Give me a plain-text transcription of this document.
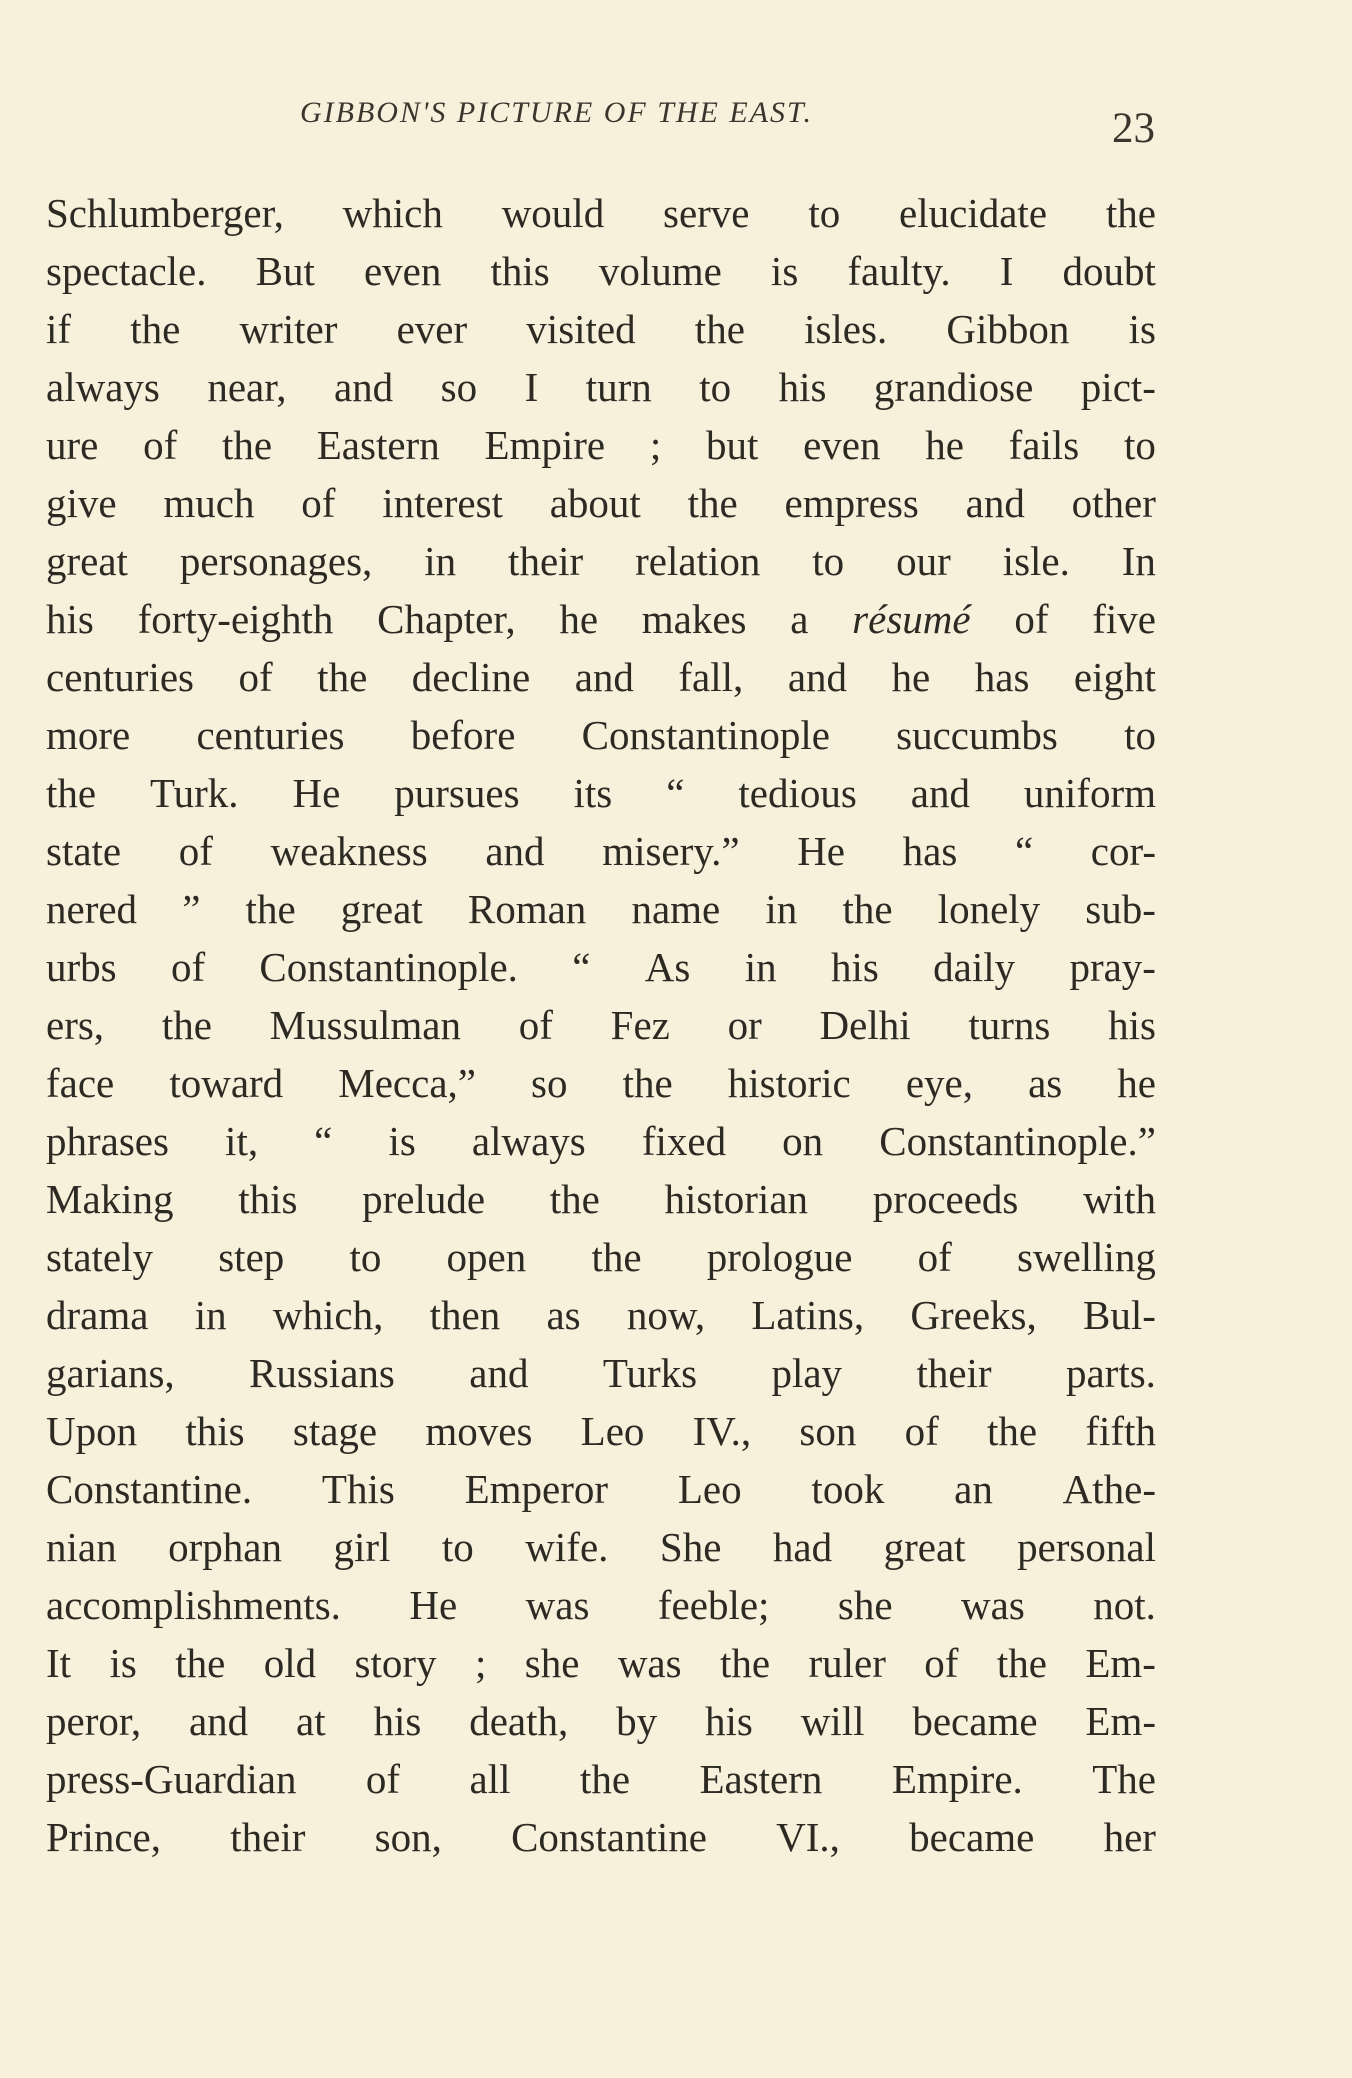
GIBBON'S PICTURE OF THE EAST.	23
Schlumberger, which would serve to elucidate the
spectacle. But even this volume is faulty. I doubt
if the writer ever visited the isles. Gibbon is
always near, and so I turn to his grandiose pict-
ure of the Eastern Empire ; but even he fails to
give much of interest about the empress and other
great personages, in their relation to our isle. In
his forty-eighth Chapter, he makes a résumé of five
centuries of the decline and fall, and he has eight
more centuries before Constantinople succumbs to
the Turk. He pursues its “ tedious and uniform
state of weakness and misery.” He has “ cor-
nered ” the great Roman name in the lonely sub-
urbs of Constantinople. “ As in his daily pray-
ers, the Mussulman of Fez or Delhi turns his
face toward Mecca,” so the historic eye, as he
phrases it, “ is always fixed on Constantinople.”
Making this prelude the historian proceeds with
stately step to open the prologue of swelling
drama in which, then as now, Latins, Greeks, Bul-
garians, Russians and Turks play their parts.
Upon this stage moves Leo IV., son of the fifth
Constantine. This Emperor Leo took an Athe-
nian orphan girl to wife. She had great personal
accomplishments. He was feeble; she was not.
It is the old story ; she was the ruler of the Em-
peror, and at his death, by his will became Em-
press-Guardian of all the Eastern Empire. The
Prince, their son, Constantine VI., became her
